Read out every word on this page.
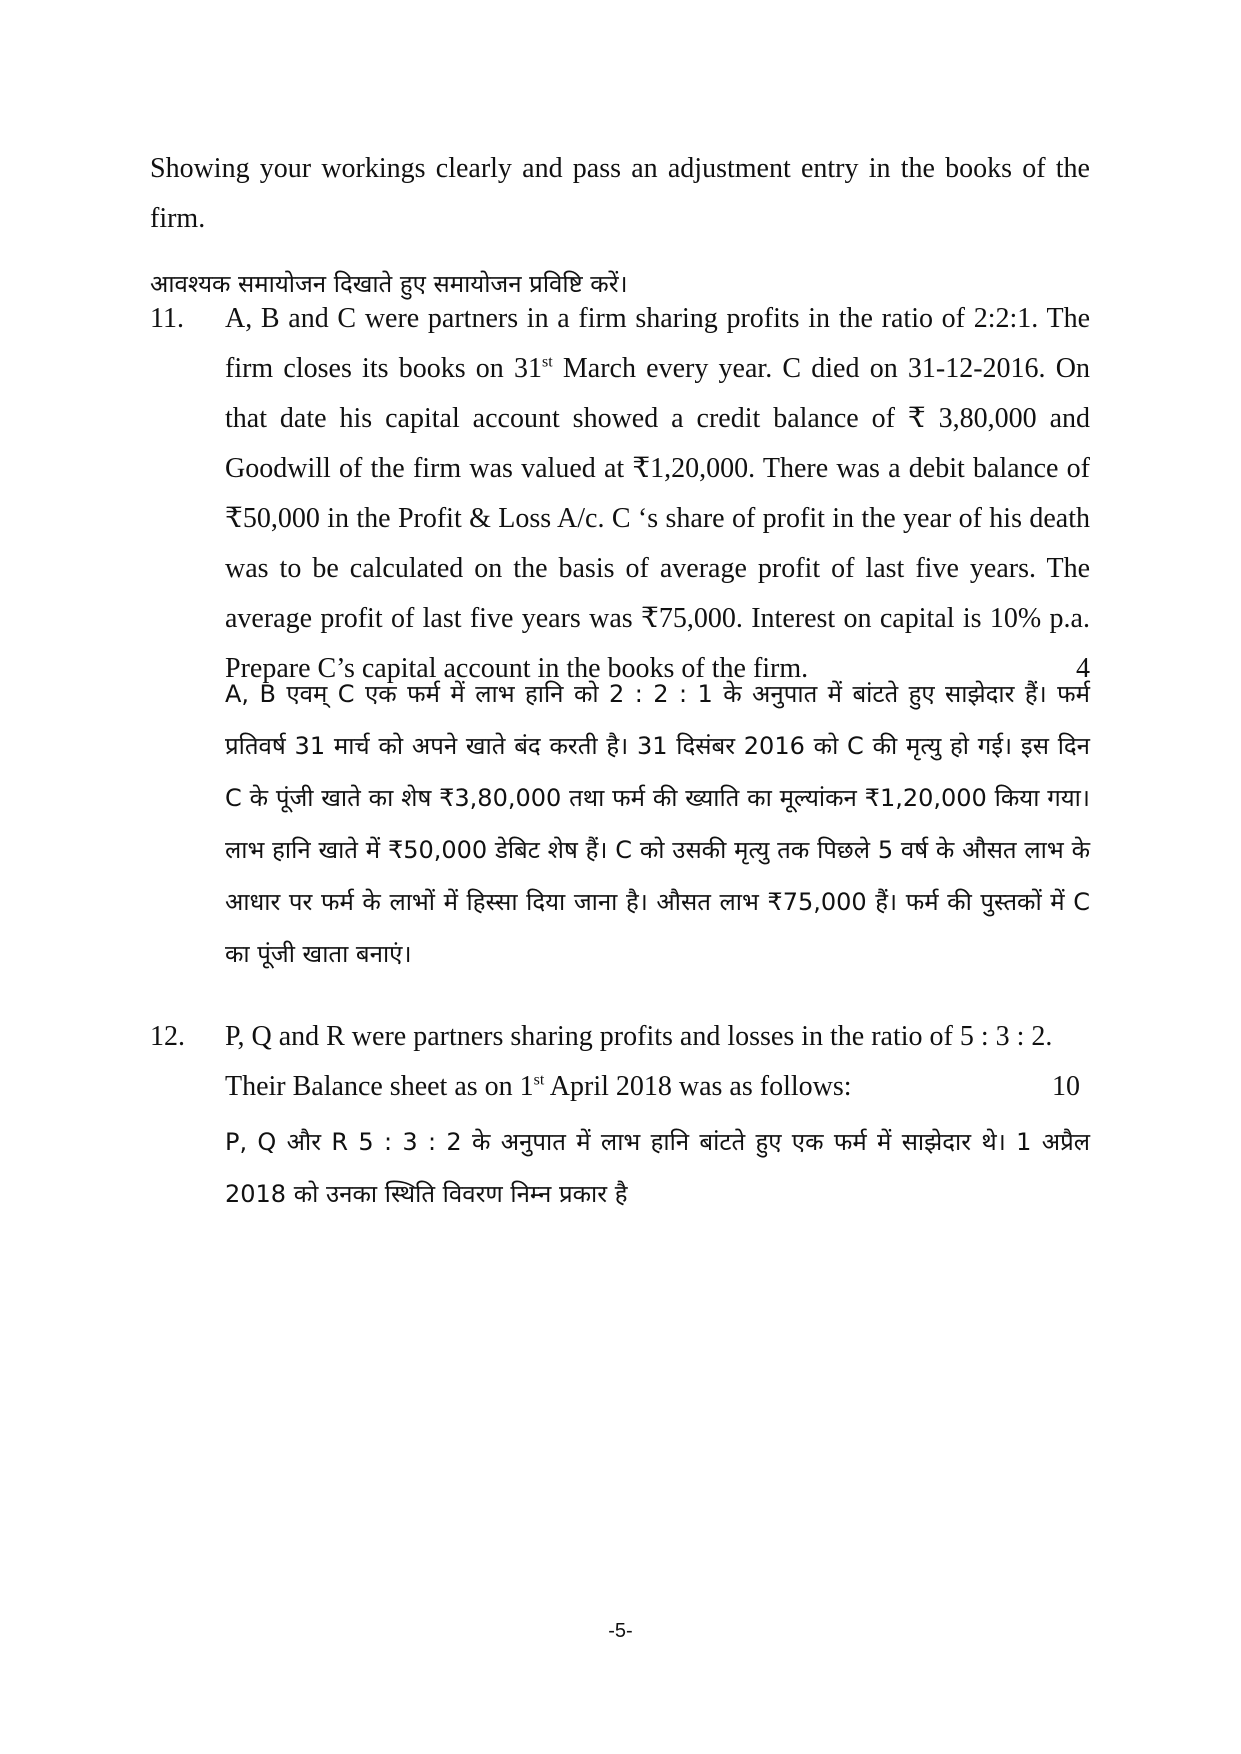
Showing your workings clearly and pass an adjustment entry in the books of the firm.
आवश्यक समायोजन दिखाते हुए समायोजन प्रविष्टि करें।
11. A, B and C were partners in a firm sharing profits in the ratio of 2:2:1. The firm closes its books on 31st March every year. C died on 31-12-2016. On that date his capital account showed a credit balance of ₹ 3,80,000 and Goodwill of the firm was valued at ₹1,20,000. There was a debit balance of ₹50,000 in the Profit & Loss A/c. C ‘s share of profit in the year of his death was to be calculated on the basis of average profit of last five years. The average profit of last five years was ₹75,000. Interest on capital is 10% p.a. Prepare C’s capital account in the books of the firm.	4
A, B एवम् C एक फर्म में लाभ हानि को 2 : 2 : 1 के अनुपात में बांटते हुए साझेदार हैं। फर्म प्रतिवर्ष 31 मार्च को अपने खाते बंद करती है। 31 दिसंबर 2016 को C की मृत्यु हो गई। इस दिन C के पूंजी खाते का शेष ₹3,80,000 तथा फर्म की ख्याति का मूल्यांकन ₹1,20,000 किया गया। लाभ हानि खाते में ₹50,000 डेबिट शेष हैं। C को उसकी मृत्यु तक पिछले 5 वर्ष के औसत लाभ के आधार पर फर्म के लाभों में हिस्सा दिया जाना है। औसत लाभ ₹75,000 हैं। फर्म की पुस्तकों में C का पूंजी खाता बनाएं।
12. P, Q and R were partners sharing profits and losses in the ratio of 5 : 3 : 2.
Their Balance sheet as on 1st April 2018 was as follows:	10
P, Q और R 5 : 3 : 2 के अनुपात में लाभ हानि बांटते हुए एक फर्म में साझेदार थे। 1 अप्रैल 2018 को उनका स्थिति विवरण निम्न प्रकार है
-5-
